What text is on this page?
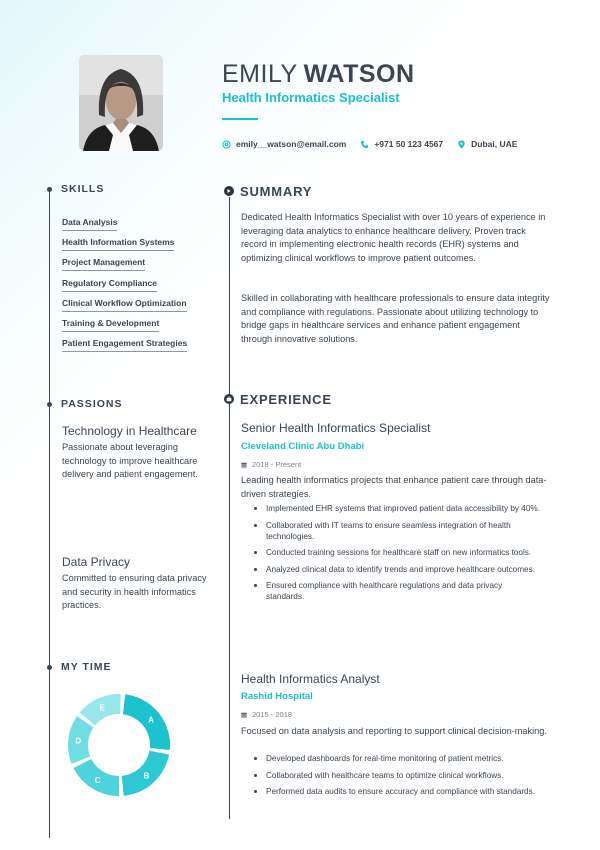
EMILY WATSON
Health Informatics Specialist
emily__watson@email.com	+971 50 123 4567	Dubai, UAE
SKILLS
Data Analysis
Health Information Systems
Project Management
Regulatory Compliance
Clinical Workflow Optimization
Training & Development
Patient Engagement Strategies
PASSIONS
Technology in Healthcare
Passionate about leveraging technology to improve healthcare delivery and patient engagement.
Data Privacy
Committed to ensuring data privacy and security in health informatics practices.
MY TIME
A
B
C
D
E
SUMMARY
Dedicated Health Informatics Specialist with over 10 years of experience in leveraging data analytics to enhance healthcare delivery. Proven track record in implementing electronic health records (EHR) systems and optimizing clinical workflows to improve patient outcomes.
Skilled in collaborating with healthcare professionals to ensure data integrity and compliance with regulations. Passionate about utilizing technology to bridge gaps in healthcare services and enhance patient engagement through innovative solutions.
EXPERIENCE
Senior Health Informatics Specialist
Cleveland Clinic Abu Dhabi
2018 - Present
Leading health informatics projects that enhance patient care through data-driven strategies.
Implemented EHR systems that improved patient data accessibility by 40%.
Collaborated with IT teams to ensure seamless integration of health technologies.
Conducted training sessions for healthcare staff on new informatics tools.
Analyzed clinical data to identify trends and improve healthcare outcomes.
Ensured compliance with healthcare regulations and data privacy standards.
Health Informatics Analyst
Rashid Hospital
2015 - 2018
Focused on data analysis and reporting to support clinical decision-making.
Developed dashboards for real-time monitoring of patient metrics.
Collaborated with healthcare teams to optimize clinical workflows.
Performed data audits to ensure accuracy and compliance with standards.
